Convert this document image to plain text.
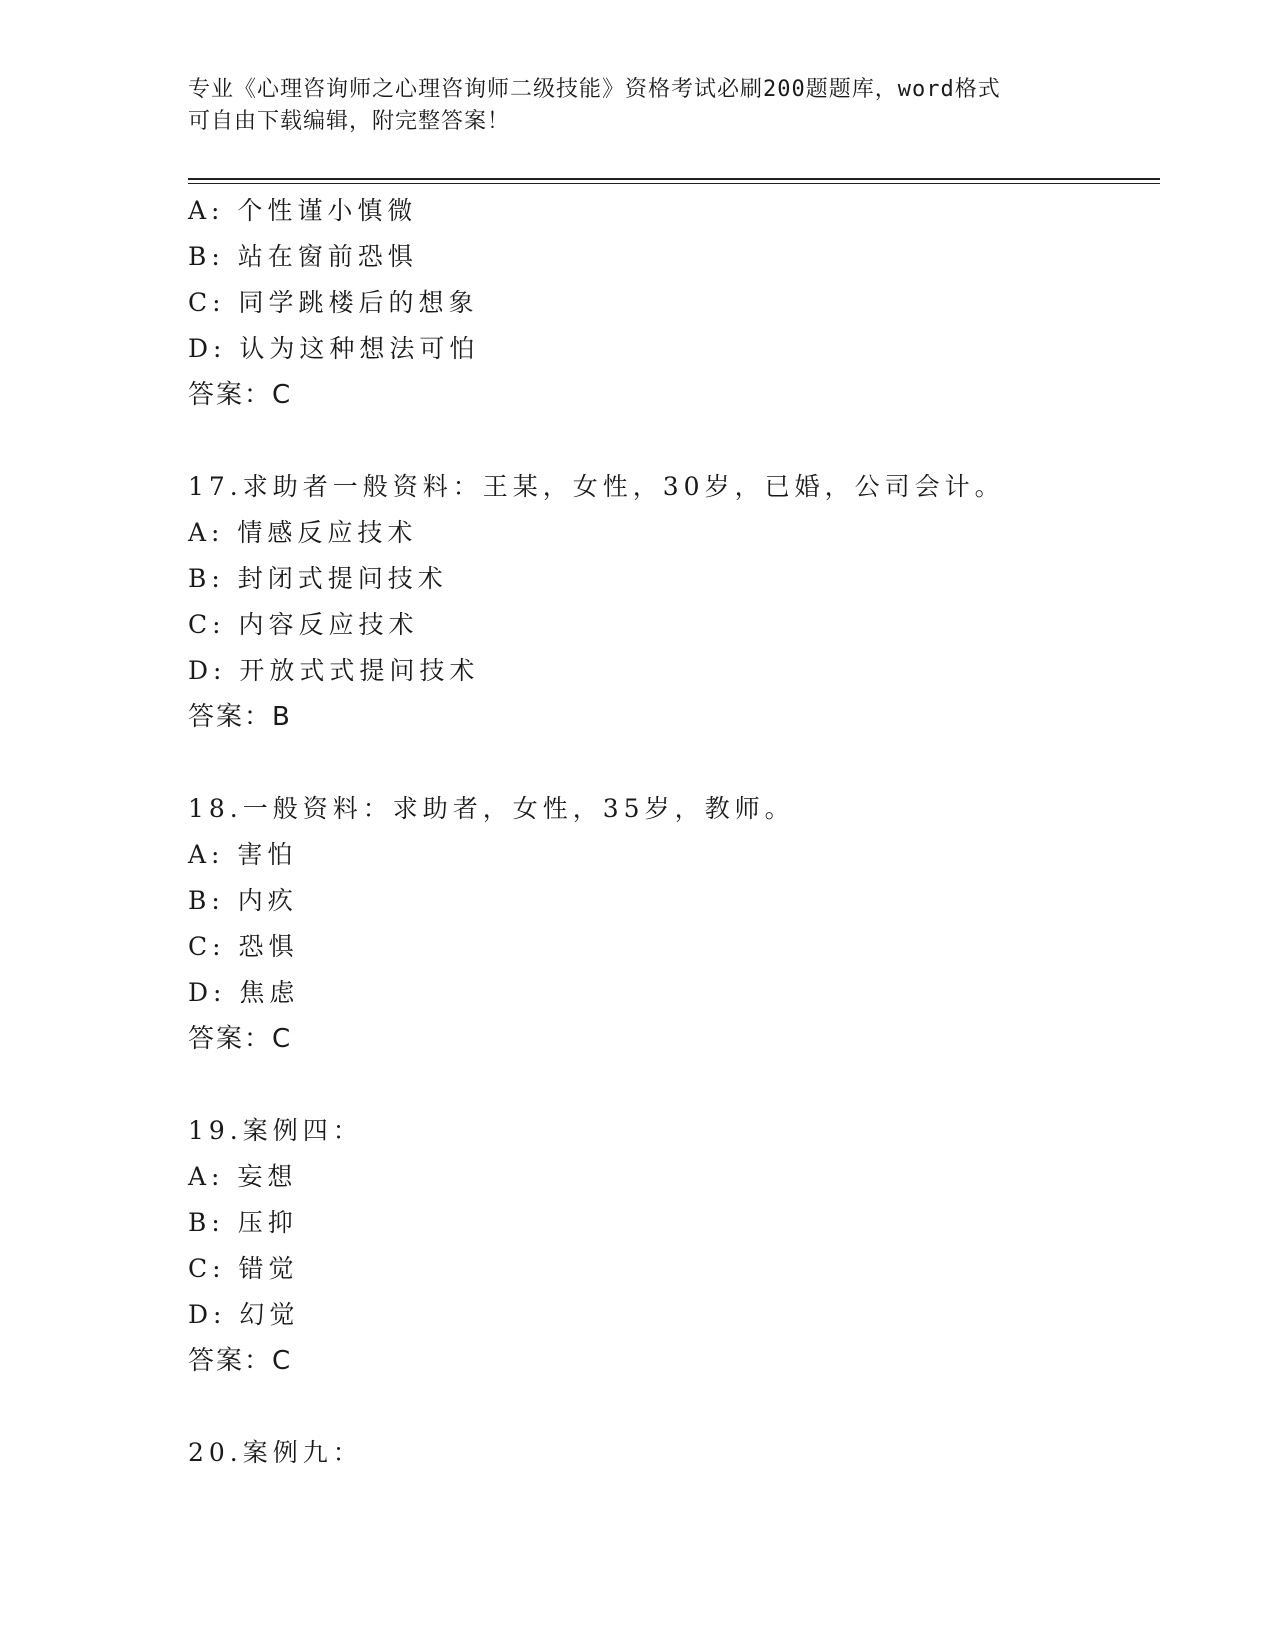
专业《心理咨询师之心理咨询师二级技能》资格考试必刷200题题库，word格式
可自由下载编辑，附完整答案！
A: 个性谨小慎微
B: 站在窗前恐惧
C: 同学跳楼后的想象
D: 认为这种想法可怕
答案：C
17.求助者一般资料：王某，女性，30岁，已婚，公司会计。
A: 情感反应技术
B: 封闭式提问技术
C: 内容反应技术
D: 开放式式提问技术
答案：B
18.一般资料：求助者，女性，35岁，教师。
A: 害怕
B: 内疚
C: 恐惧
D: 焦虑
答案：C
19.案例四：
A: 妄想
B: 压抑
C: 错觉
D: 幻觉
答案：C
20.案例九：
